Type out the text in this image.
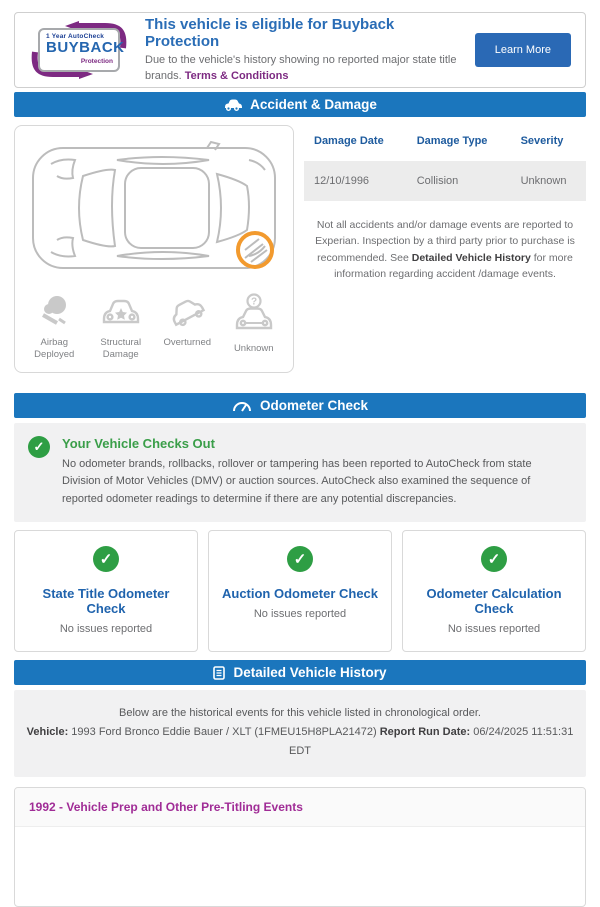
1 Year AutoCheck
BUYBACK
Protection
This vehicle is eligible for Buyback Protection
Due to the vehicle's history showing no reported major state title brands. Terms & Conditions
Learn More
Accident & Damage
Airbag Deployed
Structural Damage
Overturned
?
Unknown
Damage Date	Damage Type	Severity
12/10/1996	Collision	Unknown
Not all accidents and/or damage events are reported to Experian. Inspection by a third party prior to purchase is recommended. See Detailed Vehicle History for more information regarding accident /damage events.
Odometer Check
✓	Your Vehicle Checks Out
No odometer brands, rollbacks, rollover or tampering has been reported to AutoCheck from state Division of Motor Vehicles (DMV) or auction sources. AutoCheck also examined the sequence of reported odometer readings to determine if there are any potential discrepancies.
✓
State Title Odometer Check
No issues reported
✓
Auction Odometer Check
No issues reported
✓
Odometer Calculation Check
No issues reported
Detailed Vehicle History
Below are the historical events for this vehicle listed in chronological order.
Vehicle: 1993 Ford Bronco Eddie Bauer / XLT (1FMEU15H8PLA21472) Report Run Date: 06/24/2025 11:51:31 EDT
1992 - Vehicle Prep and Other Pre-Titling Events
